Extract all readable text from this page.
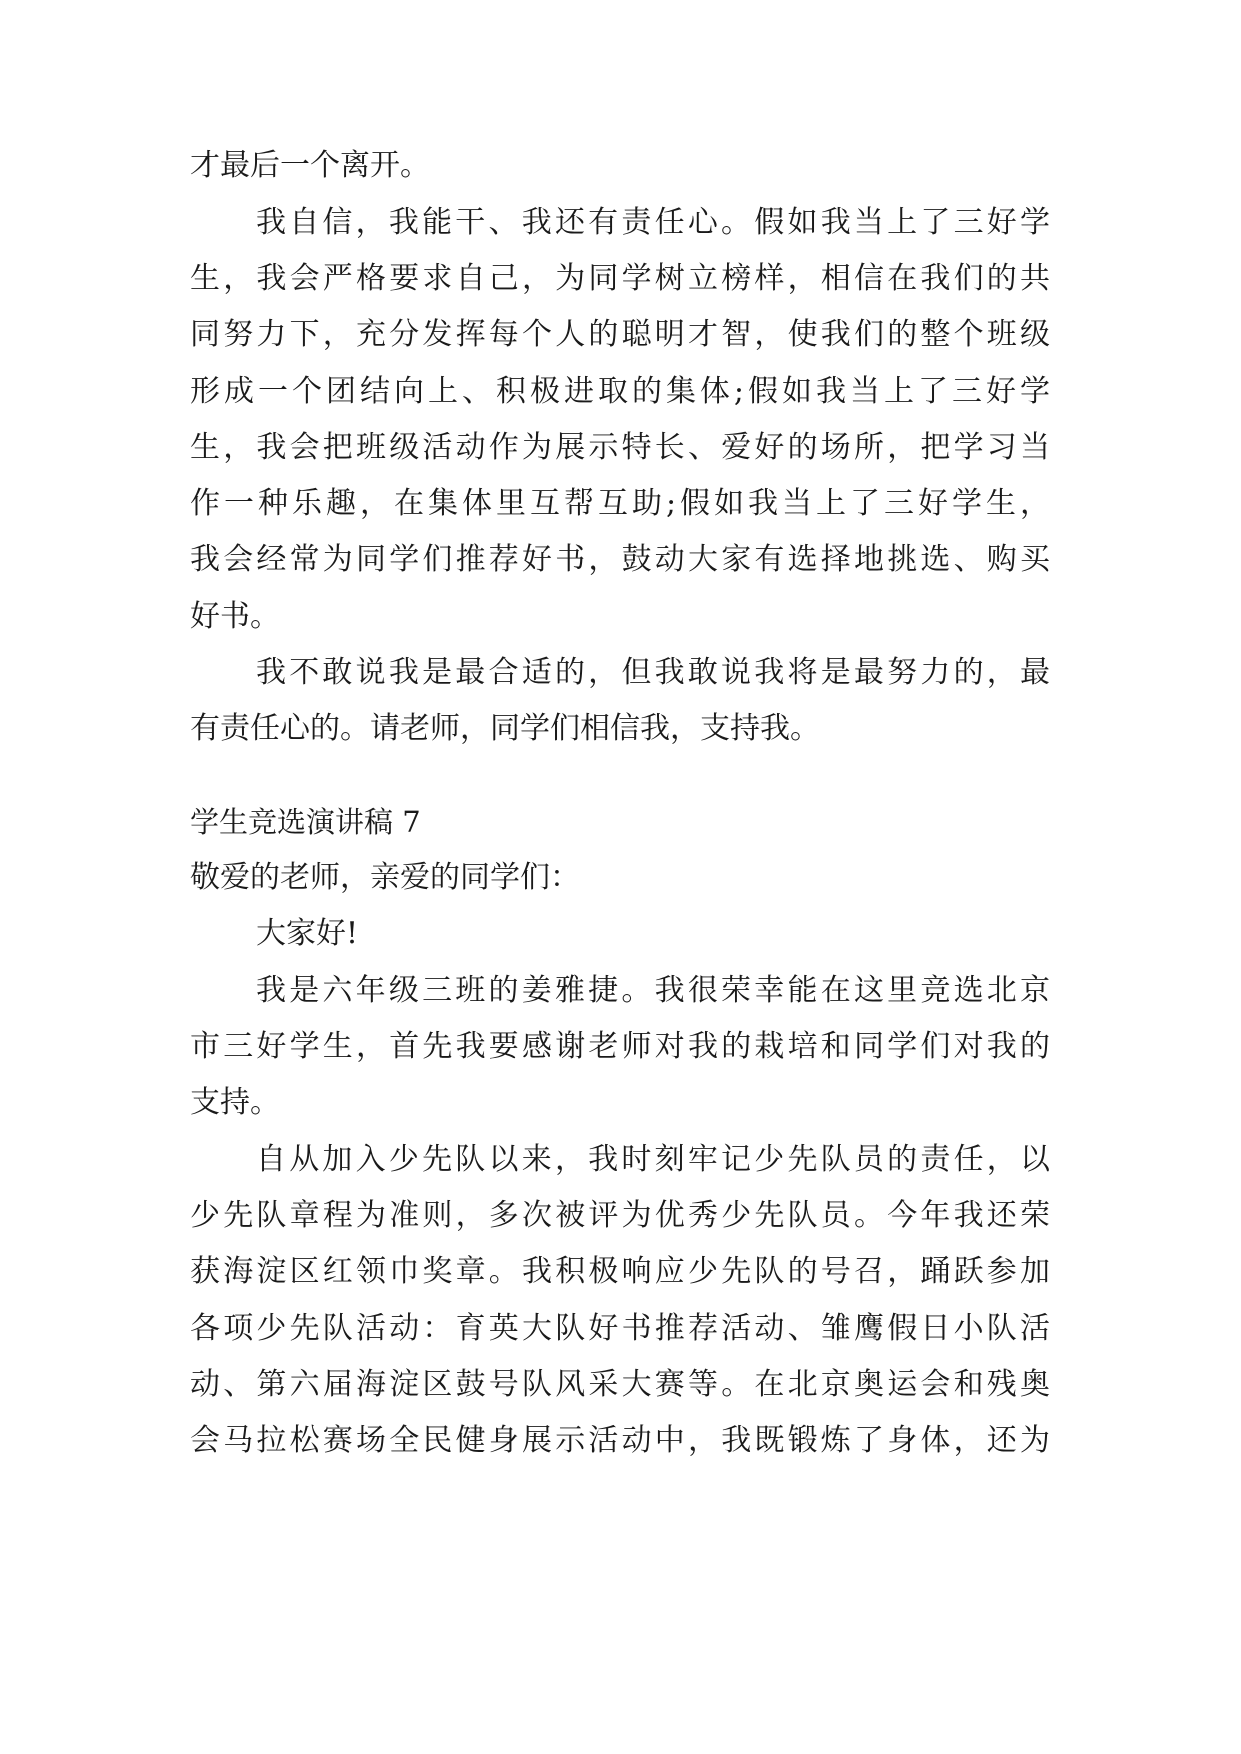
才最后一个离开。
我自信，我能干、我还有责任心。假如我当上了三好学
生，我会严格要求自己，为同学树立榜样，相信在我们的共
同努力下，充分发挥每个人的聪明才智，使我们的整个班级
形成一个团结向上、积极进取的集体;假如我当上了三好学
生，我会把班级活动作为展示特长、爱好的场所，把学习当
作一种乐趣，在集体里互帮互助;假如我当上了三好学生，
我会经常为同学们推荐好书，鼓动大家有选择地挑选、购买
好书。
我不敢说我是最合适的，但我敢说我将是最努力的，最
有责任心的。请老师，同学们相信我，支持我。
学生竞选演讲稿 7
敬爱的老师，亲爱的同学们：
大家好!
我是六年级三班的姜雅捷。我很荣幸能在这里竞选北京
市三好学生，首先我要感谢老师对我的栽培和同学们对我的
支持。
自从加入少先队以来，我时刻牢记少先队员的责任，以
少先队章程为准则，多次被评为优秀少先队员。今年我还荣
获海淀区红领巾奖章。我积极响应少先队的号召，踊跃参加
各项少先队活动：育英大队好书推荐活动、雏鹰假日小队活
动、第六届海淀区鼓号队风采大赛等。在北京奥运会和残奥
会马拉松赛场全民健身展示活动中，我既锻炼了身体，还为
